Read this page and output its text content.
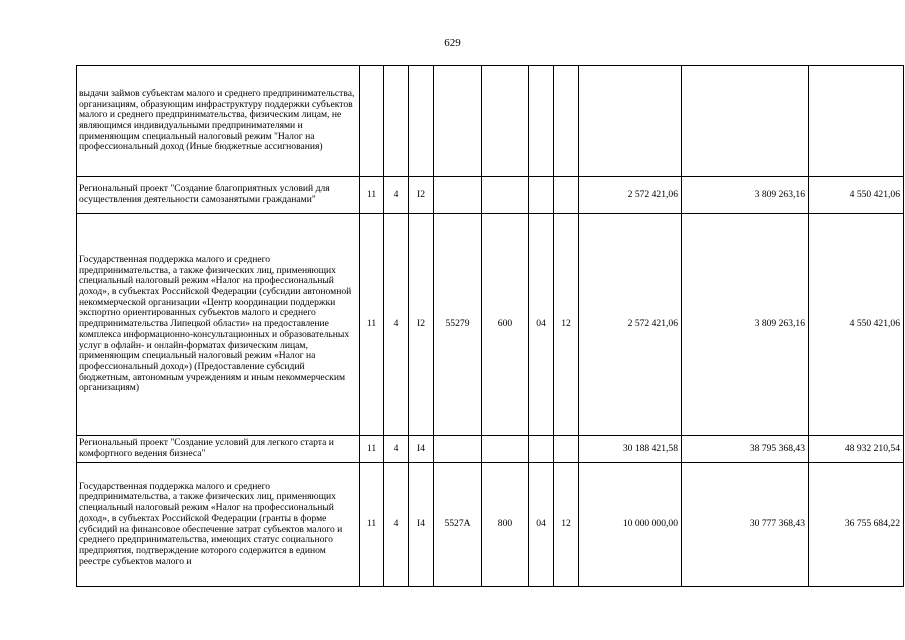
629
выдачи займов субъектам малого и среднего предпринимательства, организациям, образующим инфраструктуру поддержки субъектов малого и среднего предпринимательства, физическим лицам, не являющимся индивидуальными предпринимателями и применяющим специальный налоговый режим "Налог на профессиональный доход (Иные бюджетные ассигнования)										
Региональный проект "Создание благоприятных условий для осуществления деятельности самозанятыми гражданами"	11	4	I2					2 572 421,06	3 809 263,16	4 550 421,06
Государственная поддержка малого и среднего предпринимательства, а также физических лиц, применяющих специальный налоговый режим «Налог на профессиональный доход», в субъектах Российской Федерации (субсидии автономной некоммерческой организации «Центр координации поддержки экспортно ориентированных субъектов малого и среднего предпринимательства Липецкой области» на предоставление комплекса информационно-консультационных и образовательных услуг в офлайн- и онлайн-форматах физическим лицам, применяющим специальный налоговый режим «Налог на профессиональный доход») (Предоставление субсидий бюджетным, автономным учреждениям и иным некоммерческим организациям)	11	4	I2	55279	600	04	12	2 572 421,06	3 809 263,16	4 550 421,06
Региональный проект "Создание условий для легкого старта и комфортного ведения бизнеса"	11	4	I4					30 188 421,58	38 795 368,43	48 932 210,54
Государственная поддержка малого и среднего предпринимательства, а также физических лиц, применяющих специальный налоговый режим «Налог на профессиональный доход», в субъектах Российской Федерации (гранты в форме субсидий на финансовое обеспечение затрат субъектов малого и среднего предпринимательства, имеющих статус социального предприятия, подтверждение которого содержится в едином реестре субъектов малого и	11	4	I4	5527А	800	04	12	10 000 000,00	30 777 368,43	36 755 684,22
